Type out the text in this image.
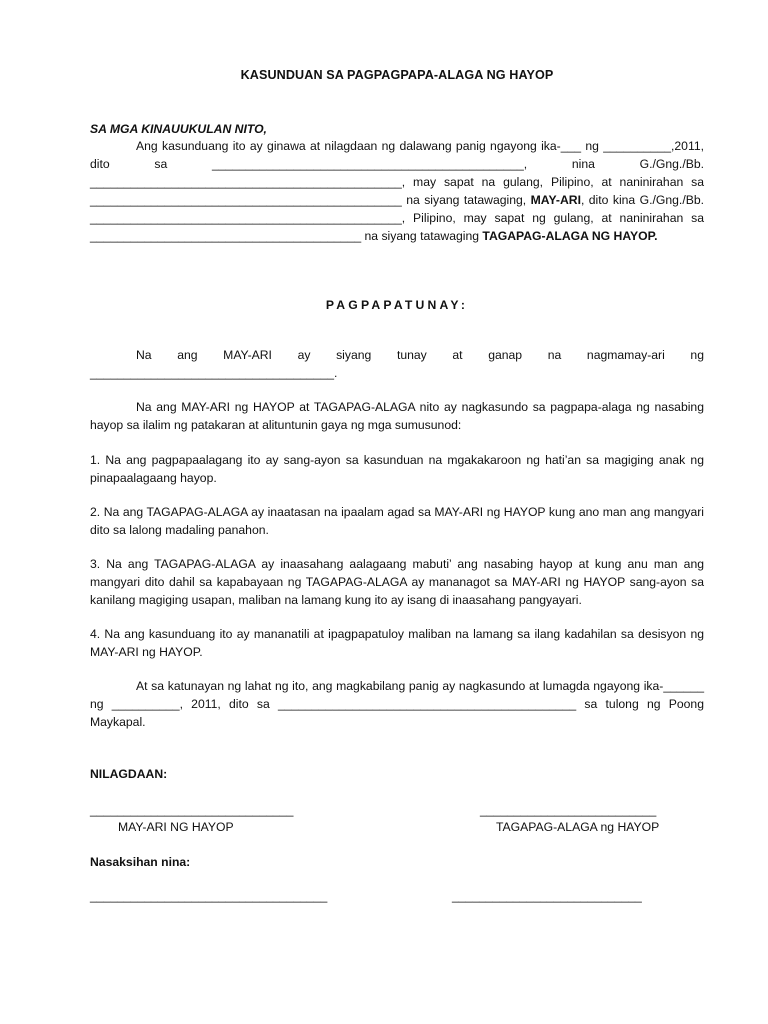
KASUNDUAN SA PAGPAGPAPA-ALAGA NG HAYOP
SA MGA KINAUUKULAN NITO,
Ang kasunduang ito ay ginawa at nilagdaan ng dalawang panig ngayong ika-___ ng __________,2011, dito sa ______________________________________________, nina G./Gng./Bb. ______________________________________________, may sapat na gulang, Pilipino, at naninirahan sa ______________________________________________ na siyang tatawaging, MAY-ARI, dito kina G./Gng./Bb. ______________________________________________, Pilipino, may sapat ng gulang, at naninirahan sa ________________________________________ na siyang tatawaging TAGAPAG-ALAGA NG HAYOP.
PAGPAPATUNAY:
Na ang MAY-ARI ay siyang tunay at ganap na nagmamay-ari ng ____________________________________.
Na ang MAY-ARI ng HAYOP at TAGAPAG-ALAGA nito ay nagkasundo sa pagpapa-alaga ng nasabing hayop sa ilalim ng patakaran at alituntunin gaya ng mga sumusunod:
1. Na ang pagpapaalagang ito ay sang-ayon sa kasunduan na mgakakaroon ng hati’an sa magiging anak ng pinapaalagaang hayop.
2. Na ang TAGAPAG-ALAGA ay inaatasan na ipaalam agad sa MAY-ARI ng HAYOP kung ano man ang mangyari dito sa lalong madaling panahon.
3. Na ang TAGAPAG-ALAGA ay inaasahang aalagaang mabuti’ ang nasabing hayop at kung anu man ang mangyari dito dahil sa kapabayaan ng TAGAPAG-ALAGA ay mananagot sa MAY-ARI ng HAYOP sang-ayon sa kanilang magiging usapan, maliban na lamang kung ito ay isang di inaasahang pangyayari.
4. Na ang kasunduang ito ay mananatili at ipagpapatuloy maliban na lamang sa ilang kadahilan sa desisyon ng MAY-ARI ng HAYOP.
At sa katunayan ng lahat ng ito, ang magkabilang panig ay nagkasundo at lumagda ngayong ika-______ ng __________, 2011, dito sa ____________________________________________ sa tulong ng Poong Maykapal.
NILAGDAAN:
______________________________	__________________________
MAY-ARI NG HAYOP	TAGAPAG-ALAGA ng HAYOP
Nasaksihan nina:
___________________________________	____________________________
